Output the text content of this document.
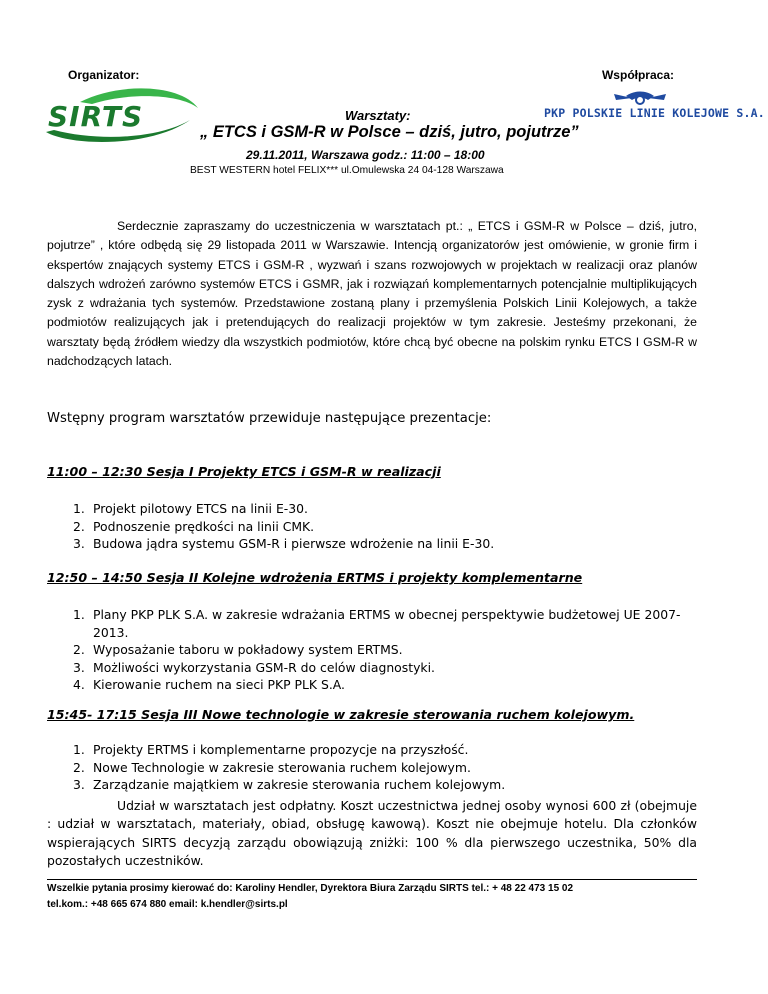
Organizator:	Współpraca:
SIRTS	PKP POLSKIE LINIE KOLEJOWE S.A.
Warsztaty:
„ ETCS i GSM-R w Polsce – dziś, jutro, pojutrze”
29.11.2011, Warszawa godz.: 11:00 – 18:00
BEST WESTERN hotel FELIX*** ul.Omulewska 24 04-128 Warszawa

Serdecznie zapraszamy do uczestniczenia w warsztatach pt.: „ ETCS i GSM-R w Polsce – dziś, jutro, pojutrze” , które odbędą się 29 listopada 2011 w Warszawie. Intencją organizatorów jest omówienie, w gronie firm i ekspertów znających systemy ETCS i GSM-R , wyzwań i szans rozwojowych w projektach w realizacji oraz planów dalszych wdrożeń zarówno systemów ETCS i GSMR, jak i rozwiązań komplementarnych potencjalnie multiplikujących zysk z wdrażania tych systemów. Przedstawione zostaną plany i przemyślenia Polskich Linii Kolejowych, a także podmiotów realizujących jak i pretendujących do realizacji projektów w tym zakresie. Jesteśmy przekonani, że warsztaty będą źródłem wiedzy dla wszystkich podmiotów, które chcą być obecne na polskim rynku ETCS I GSM-R w nadchodzących latach.

Wstępny program warsztatów przewiduje następujące prezentacje:
11:00 – 12:30 Sesja I Projekty ETCS i GSM-R w realizacji
1. Projekt pilotowy ETCS na linii E-30.
2. Podnoszenie prędkości na linii CMK.
3. Budowa jądra systemu GSM-R i pierwsze wdrożenie na linii E-30.
12:50 – 14:50 Sesja II Kolejne wdrożenia ERTMS i projekty komplementarne
1. Plany PKP PLK S.A. w zakresie wdrażania ERTMS w obecnej perspektywie budżetowej UE 2007-2013.
2. Wyposażanie taboru w pokładowy system ERTMS.
3. Możliwości wykorzystania GSM-R do celów diagnostyki.
4. Kierowanie ruchem na sieci PKP PLK S.A.
15:45- 17:15 Sesja III Nowe technologie w zakresie sterowania ruchem kolejowym.
1. Projekty ERTMS i komplementarne propozycje na przyszłość.
2. Nowe Technologie w zakresie sterowania ruchem kolejowym.
3. Zarządzanie majątkiem w zakresie sterowania ruchem kolejowym.

Udział w warsztatach jest odpłatny. Koszt uczestnictwa jednej osoby wynosi 600 zł (obejmuje : udział w warsztatach, materiały, obiad, obsługę kawową). Koszt nie obejmuje hotelu. Dla członków wspierających SIRTS decyzją zarządu obowiązują zniżki: 100 % dla pierwszego uczestnika, 50% dla pozostałych uczestników.

Wszelkie pytania prosimy kierować do: Karoliny Hendler, Dyrektora Biura Zarządu SIRTS tel.: + 48 22 473 15 02
tel.kom.: +48 665 674 880 email: k.hendler@sirts.pl
